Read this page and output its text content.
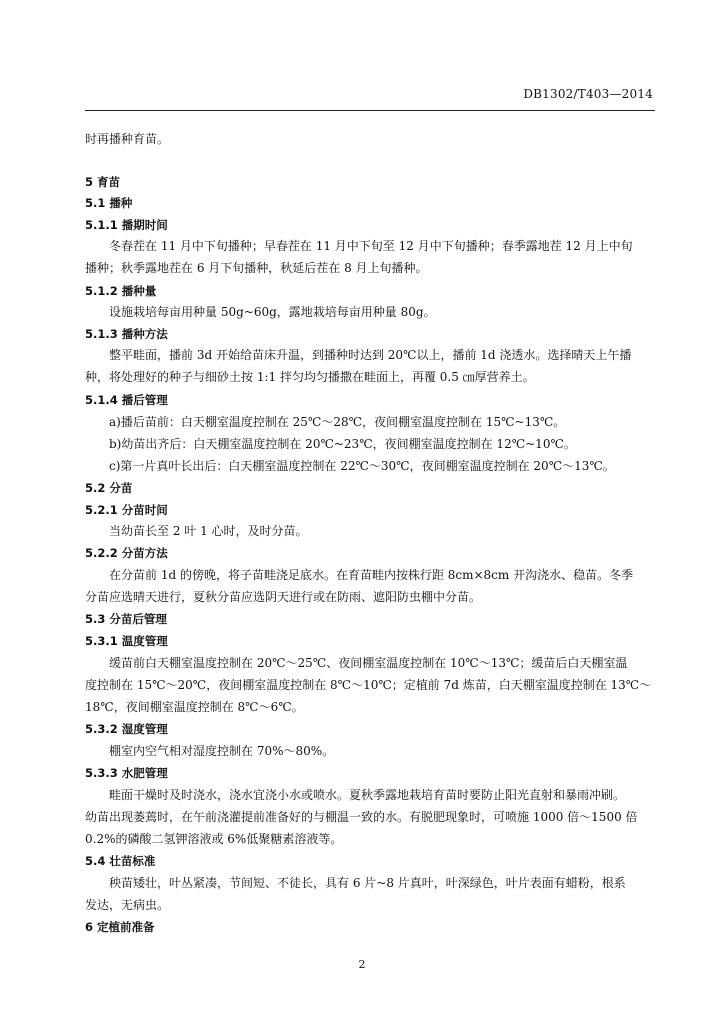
DB1302/T403—2014
时再播种育苗。
5 育苗
5.1 播种
5.1.1 播期时间
冬春茬在 11 月中下旬播种；早春茬在 11 月中下旬至 12 月中下旬播种；春季露地茬 12 月上中旬
播种；秋季露地茬在 6 月下旬播种，秋延后茬在 8 月上旬播种。
5.1.2 播种量
设施栽培每亩用种量 50g~60g，露地栽培每亩用种量 80g。
5.1.3 播种方法
整平畦面，播前 3d 开始给苗床升温，到播种时达到 20℃以上，播前 1d 浇透水。选择晴天上午播
种，将处理好的种子与细砂土按 1:1 拌匀均匀播撒在畦面上，再覆 0.5 ㎝厚营养土。
5.1.4 播后管理
a)播后苗前：白天棚室温度控制在 25℃～28℃，夜间棚室温度控制在 15℃~13℃。
b)幼苗出齐后：白天棚室温度控制在 20℃~23℃，夜间棚室温度控制在 12℃~10℃。
c)第一片真叶长出后：白天棚室温度控制在 22℃～30℃，夜间棚室温度控制在 20℃～13℃。
5.2 分苗
5.2.1 分苗时间
当幼苗长至 2 叶 1 心时，及时分苗。
5.2.2 分苗方法
在分苗前 1d 的傍晚，将子苗畦浇足底水。在育苗畦内按株行距 8cm×8cm 开沟浇水、稳苗。冬季
分苗应选晴天进行，夏秋分苗应选阴天进行或在防雨、遮阳防虫棚中分苗。
5.3 分苗后管理
5.3.1 温度管理
缓苗前白天棚室温度控制在 20℃～25℃、夜间棚室温度控制在 10℃～13℃；缓苗后白天棚室温
度控制在 15℃～20℃，夜间棚室温度控制在 8℃～10℃；定植前 7d 炼苗，白天棚室温度控制在 13℃～
18℃，夜间棚室温度控制在 8℃～6℃。
5.3.2 湿度管理
棚室内空气相对湿度控制在 70%～80%。
5.3.3 水肥管理
畦面干燥时及时浇水，浇水宜浇小水或喷水。夏秋季露地栽培育苗时要防止阳光直射和暴雨冲刷。
幼苗出现萎蔫时，在午前浇灌提前准备好的与棚温一致的水。有脱肥现象时，可喷施 1000 倍～1500 倍
0.2%的磷酸二氢钾溶液或 6%低聚糖素溶液等。
5.4 壮苗标准
秧苗矮壮，叶丛紧凑，节间短、不徒长，具有 6 片~8 片真叶，叶深绿色，叶片表面有蜡粉，根系
发达，无病虫。
6 定植前准备
2
